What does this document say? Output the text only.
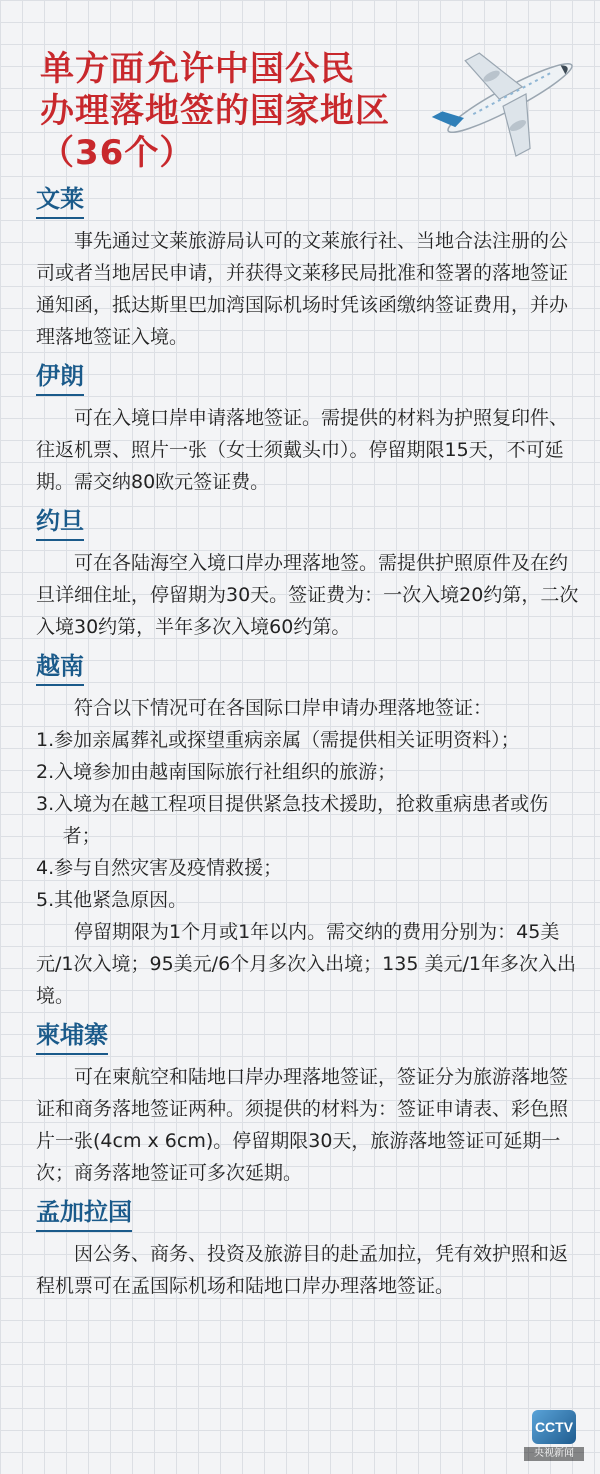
单方面允许中国公民
办理落地签的国家地区
（36个）
文莱

事先通过文莱旅游局认可的文莱旅行社、当地合法注册的公司或者当地居民申请，并获得文莱移民局批准和签署的落地签证通知函，抵达斯里巴加湾国际机场时凭该函缴纳签证费用，并办理落地签证入境。

伊朗

可在入境口岸申请落地签证。需提供的材料为护照复印件、往返机票、照片一张（女士须戴头巾）。停留期限15天，不可延期。需交纳80欧元签证费。

约旦

可在各陆海空入境口岸办理落地签。需提供护照原件及在约旦详细住址，停留期为30天。签证费为：一次入境20约第，二次入境30约第，半年多次入境60约第。

越南

符合以下情况可在各国际口岸申请办理落地签证：

1.参加亲属葬礼或探望重病亲属（需提供相关证明资料）；

2.入境参加由越南国际旅行社组织的旅游；

3.入境为在越工程项目提供紧急技术援助，抢救重病患者或伤者；

4.参与自然灾害及疫情救援；

5.其他紧急原因。

停留期限为1个月或1年以内。需交纳的费用分别为：45美元/1次入境；95美元/6个月多次入出境；135 美元/1年多次入出境。

柬埔寨

可在柬航空和陆地口岸办理落地签证，签证分为旅游落地签证和商务落地签证两种。须提供的材料为：签证申请表、彩色照片一张(4cm x 6cm)。停留期限30天，旅游落地签证可延期一次；商务落地签证可多次延期。

孟加拉国

因公务、商务、投资及旅游目的赴孟加拉，凭有效护照和返程机票可在孟国际机场和陆地口岸办理落地签证。

CCTV
央视新闻
